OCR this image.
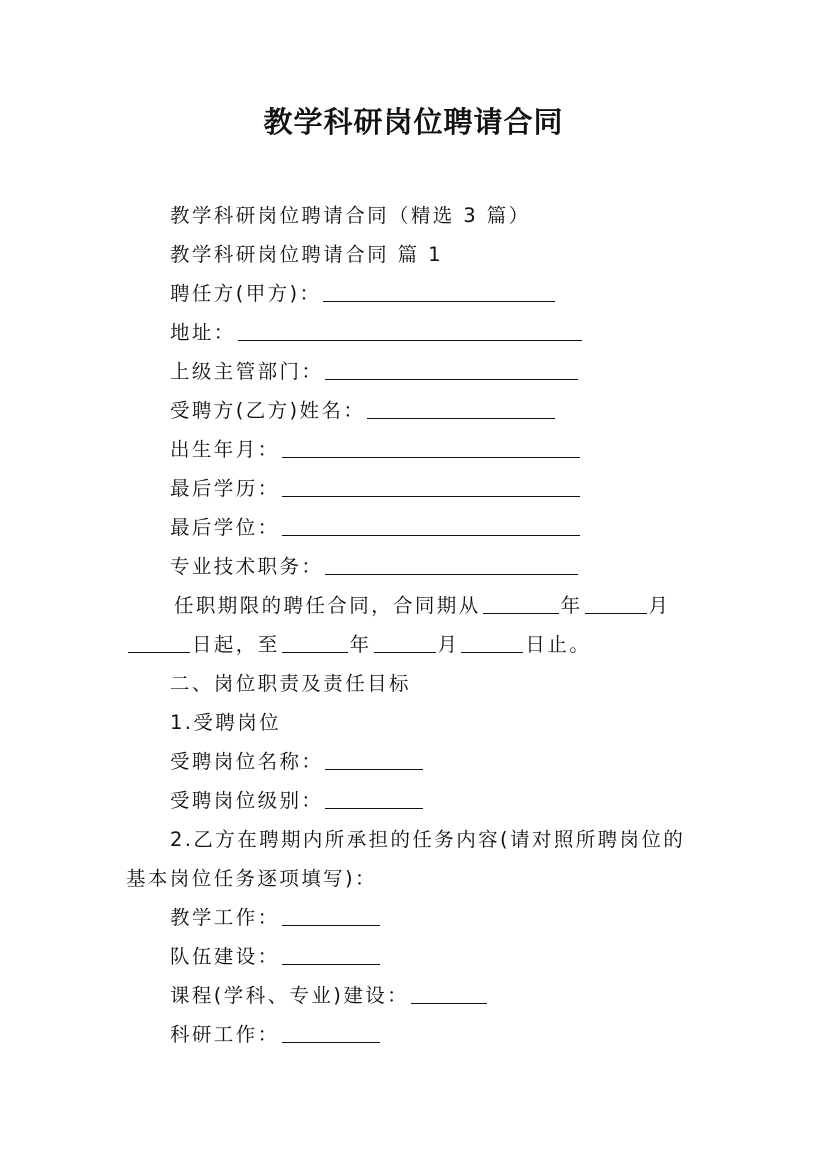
教学科研岗位聘请合同
教学科研岗位聘请合同（精选 3 篇）
教学科研岗位聘请合同 篇 1
聘任方(甲方)：
地址：
上级主管部门：
受聘方(乙方)姓名：
出生年月：
最后学历：
最后学位：
专业技术职务：
任职期限的聘任合同，合同期从	年	月
日起，至	年	月	日止。
二、岗位职责及责任目标
1.受聘岗位
受聘岗位名称：
受聘岗位级别：
2.乙方在聘期内所承担的任务内容(请对照所聘岗位的
基本岗位任务逐项填写)：
教学工作：
队伍建设：
课程(学科、专业)建设：
科研工作：
